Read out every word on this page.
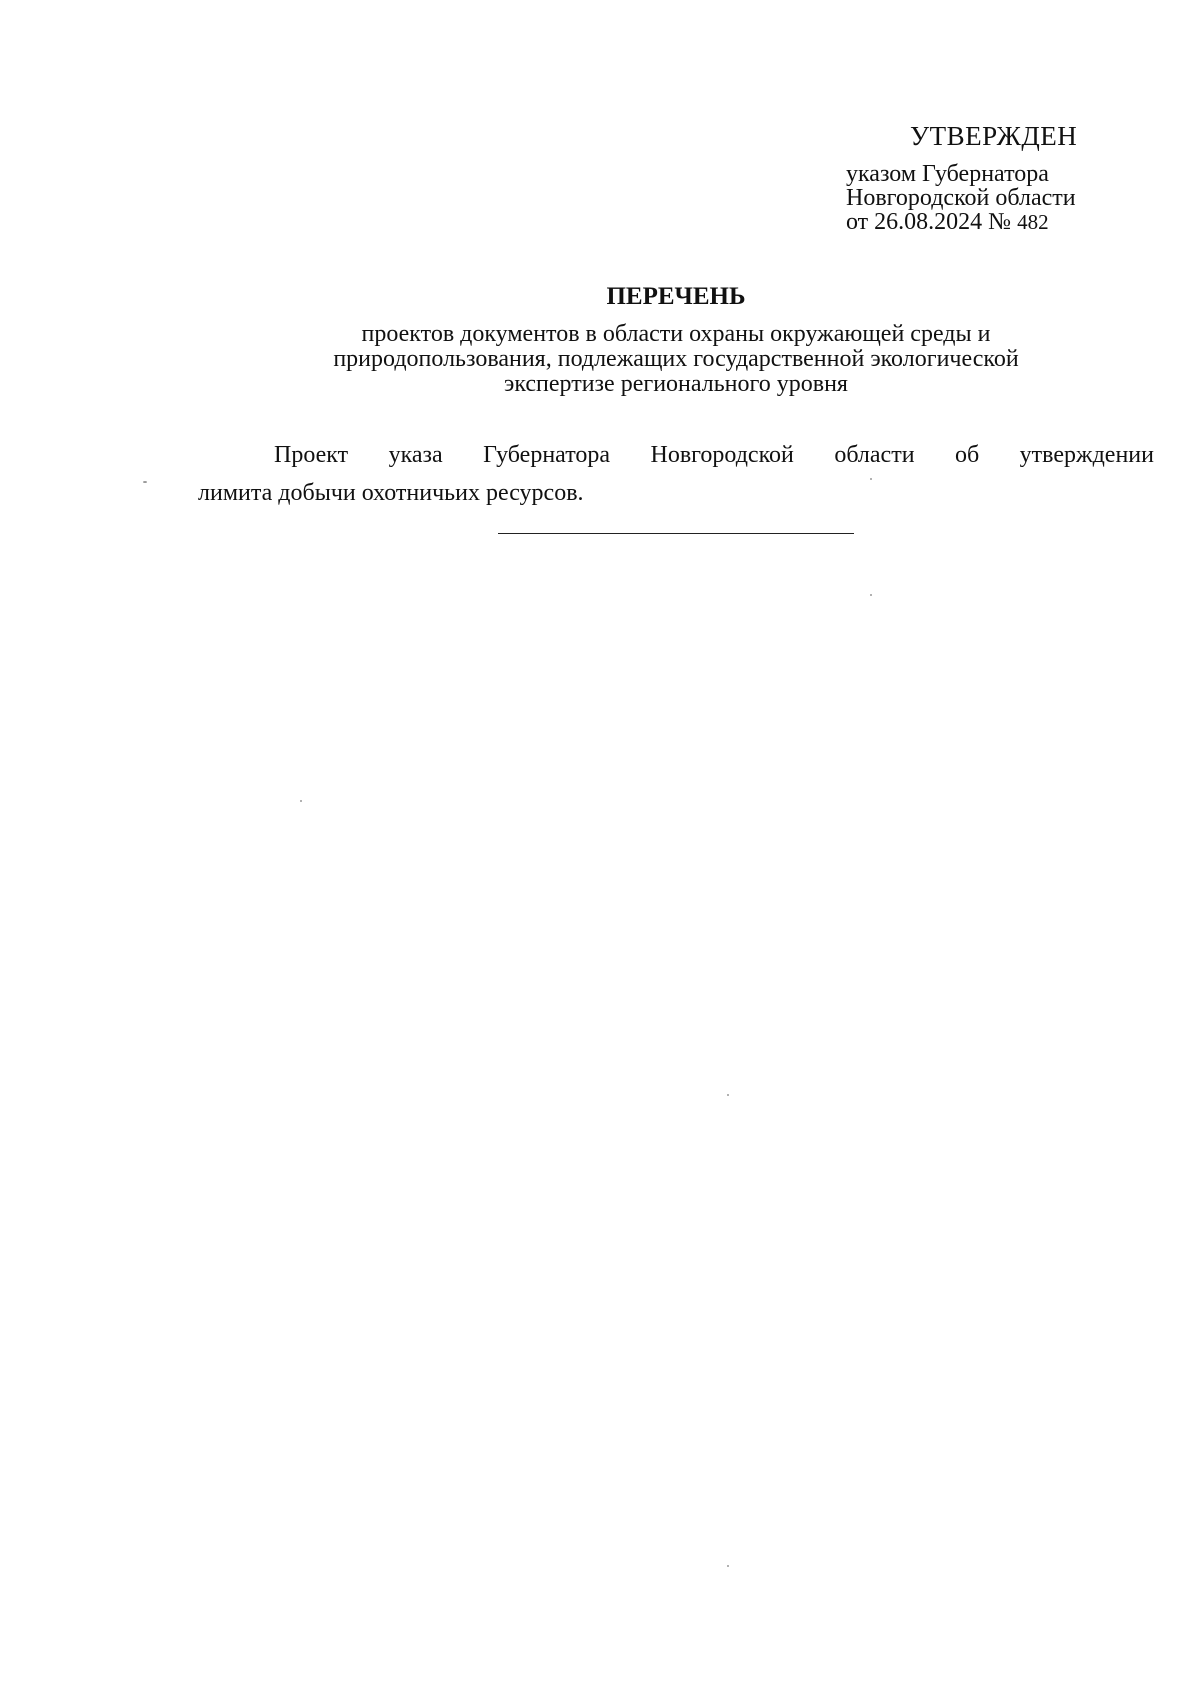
УТВЕРЖДЕН
указом Губернатора
Новгородской области
от 26.08.2024 № 482
ПЕРЕЧЕНЬ
проектов документов в области охраны окружающей среды и
природопользования, подлежащих государственной экологической
экспертизе регионального уровня
Проект указа Губернатора Новгородской области об утверждении
лимита добычи охотничьих ресурсов.
